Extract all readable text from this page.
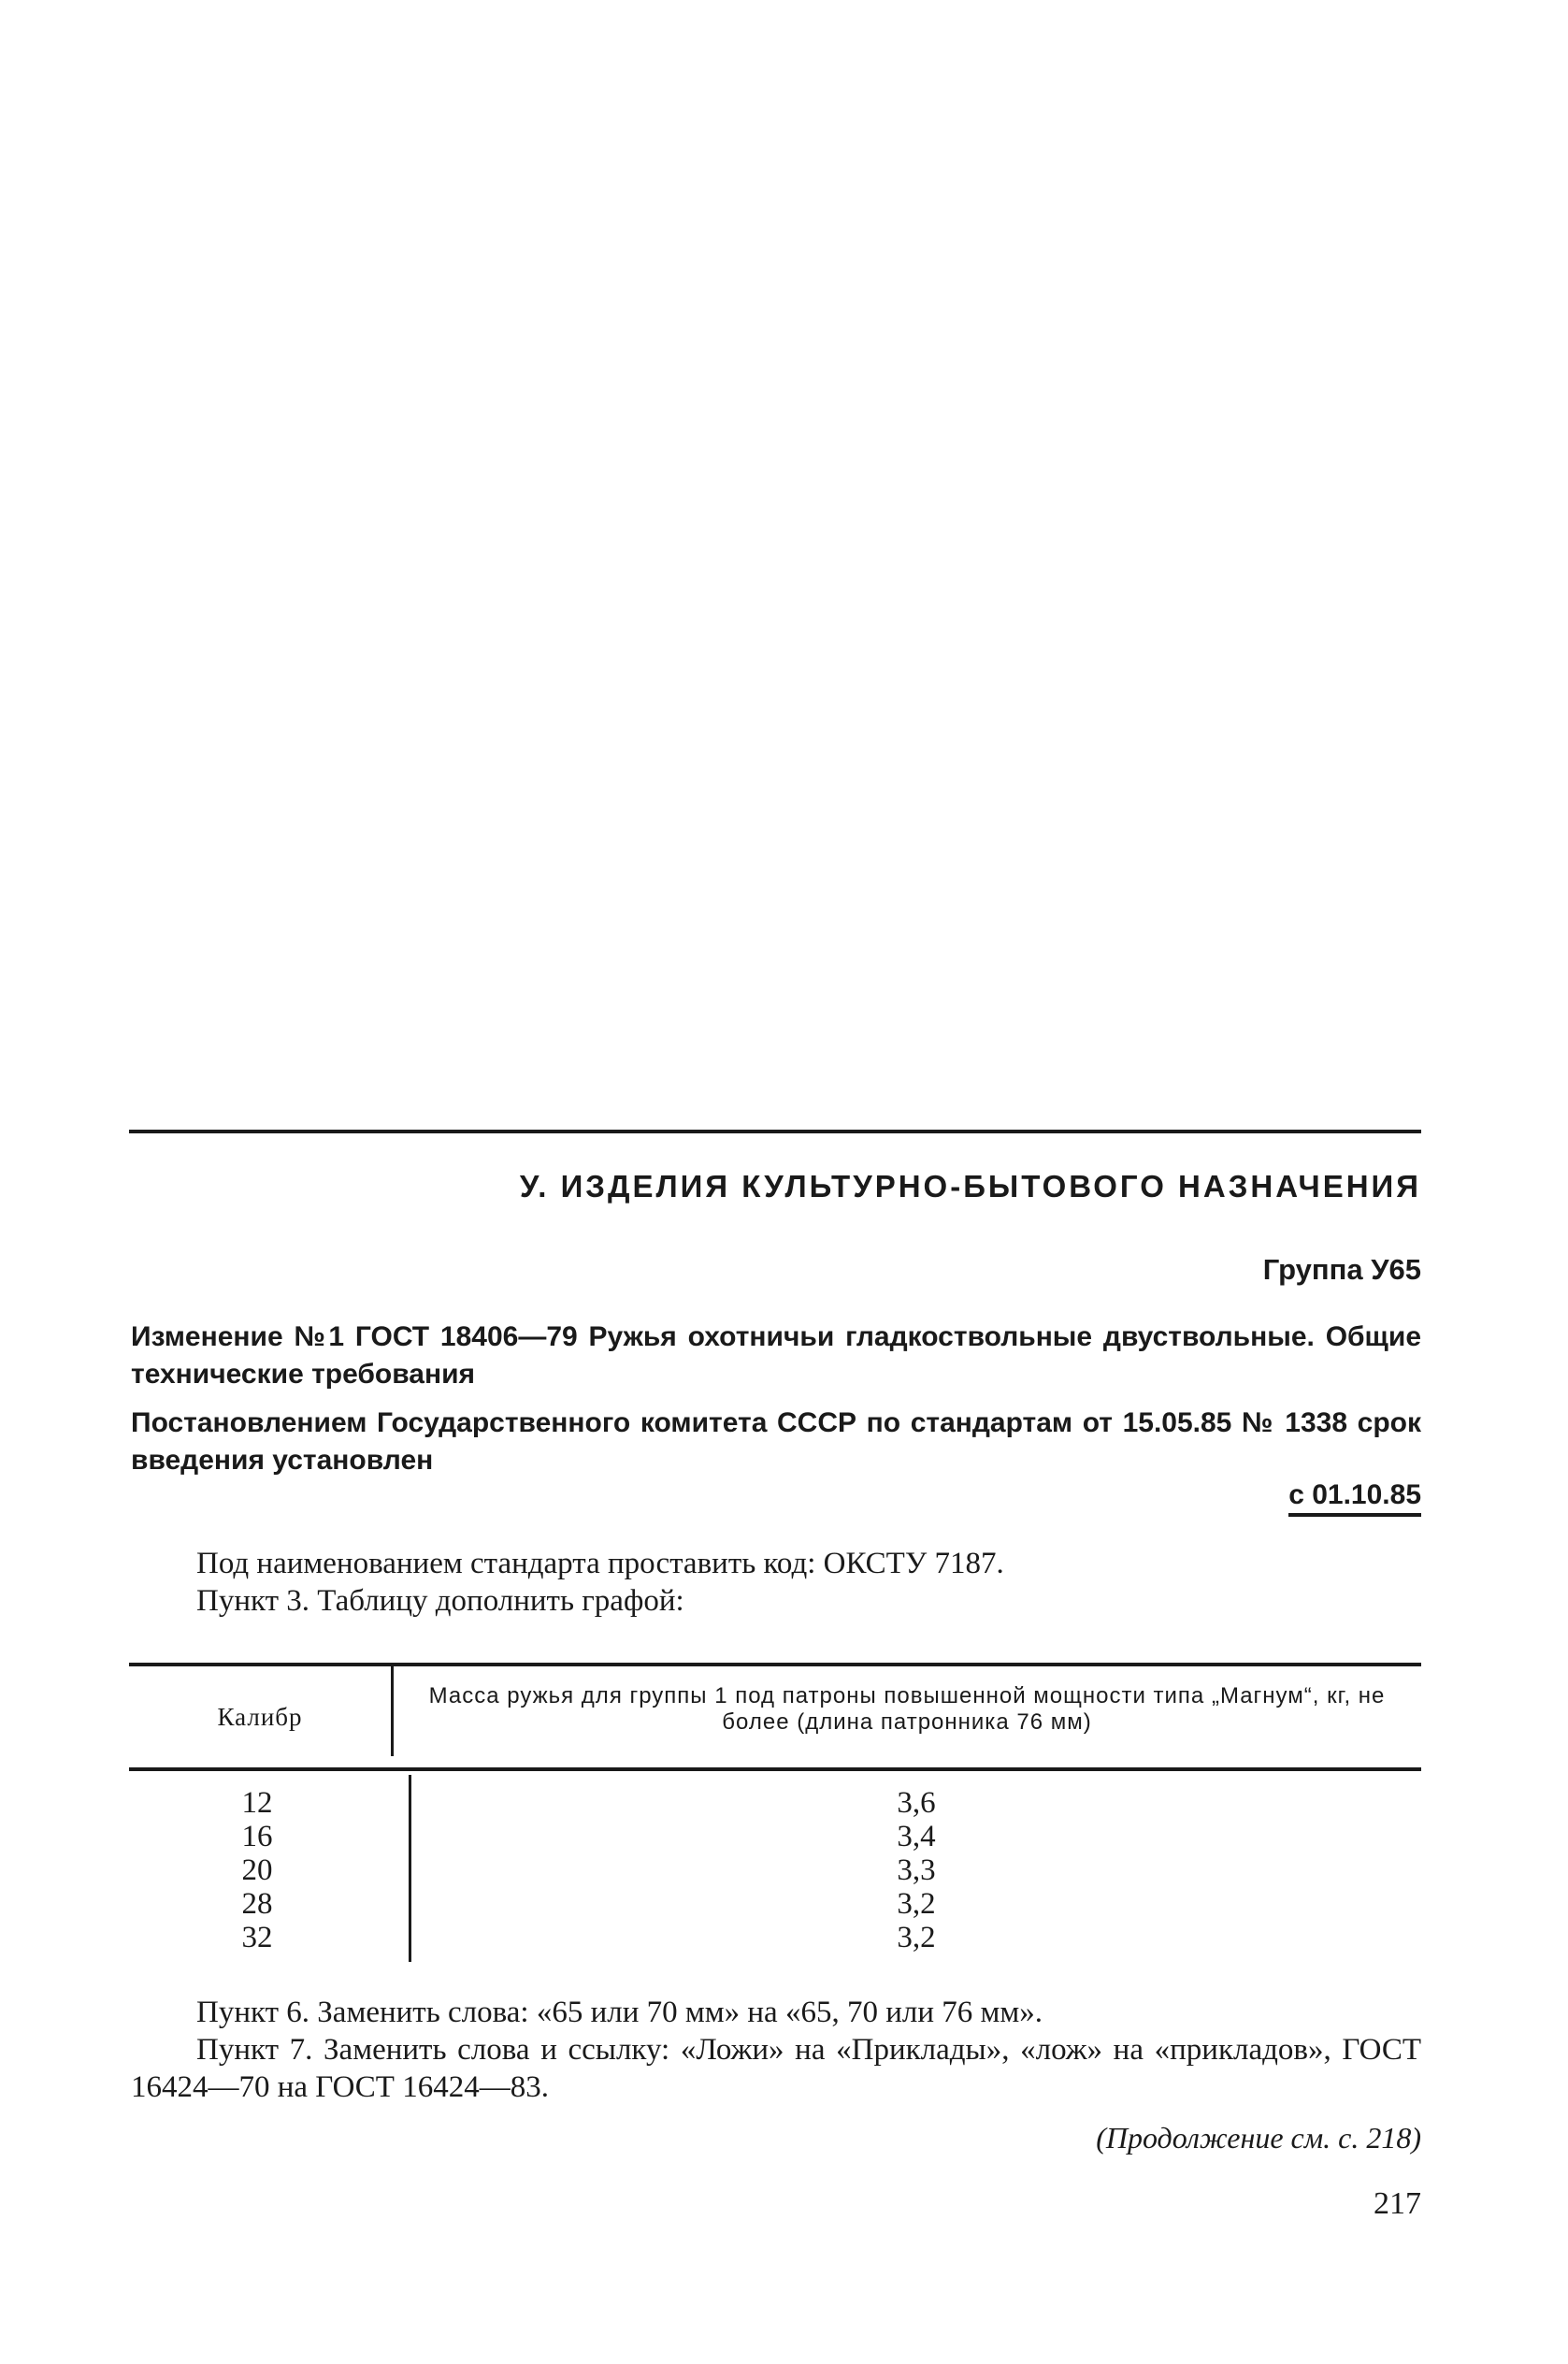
У. ИЗДЕЛИЯ КУЛЬТУРНО-БЫТОВОГО НАЗНАЧЕНИЯ
Группа У65
Изменение №1 ГОСТ 18406—79 Ружья охотничьи гладкоствольные двуствольные. Общие технические требования
Постановлением Государственного комитета СССР по стандартам от 15.05.85 № 1338 срок введения установлен
с 01.10.85
Под наименованием стандарта проставить код: ОКСТУ 7187.
Пункт 3. Таблицу дополнить графой:
Калибр
Масса ружья для группы 1 под патроны повышенной мощности типа „Магнум“, кг, не более (длина патронника 76 мм)
12
16
20
28
32
3,6
3,4
3,3
3,2
3,2
Пункт 6. Заменить слова: «65 или 70 мм» на «65, 70 или 76 мм».
Пункт 7. Заменить слова и ссылку: «Ложи» на «Приклады», «лож» на «прикладов», ГОСТ 16424—70 на ГОСТ 16424—83.
(Продолжение см. с. 218)
217
